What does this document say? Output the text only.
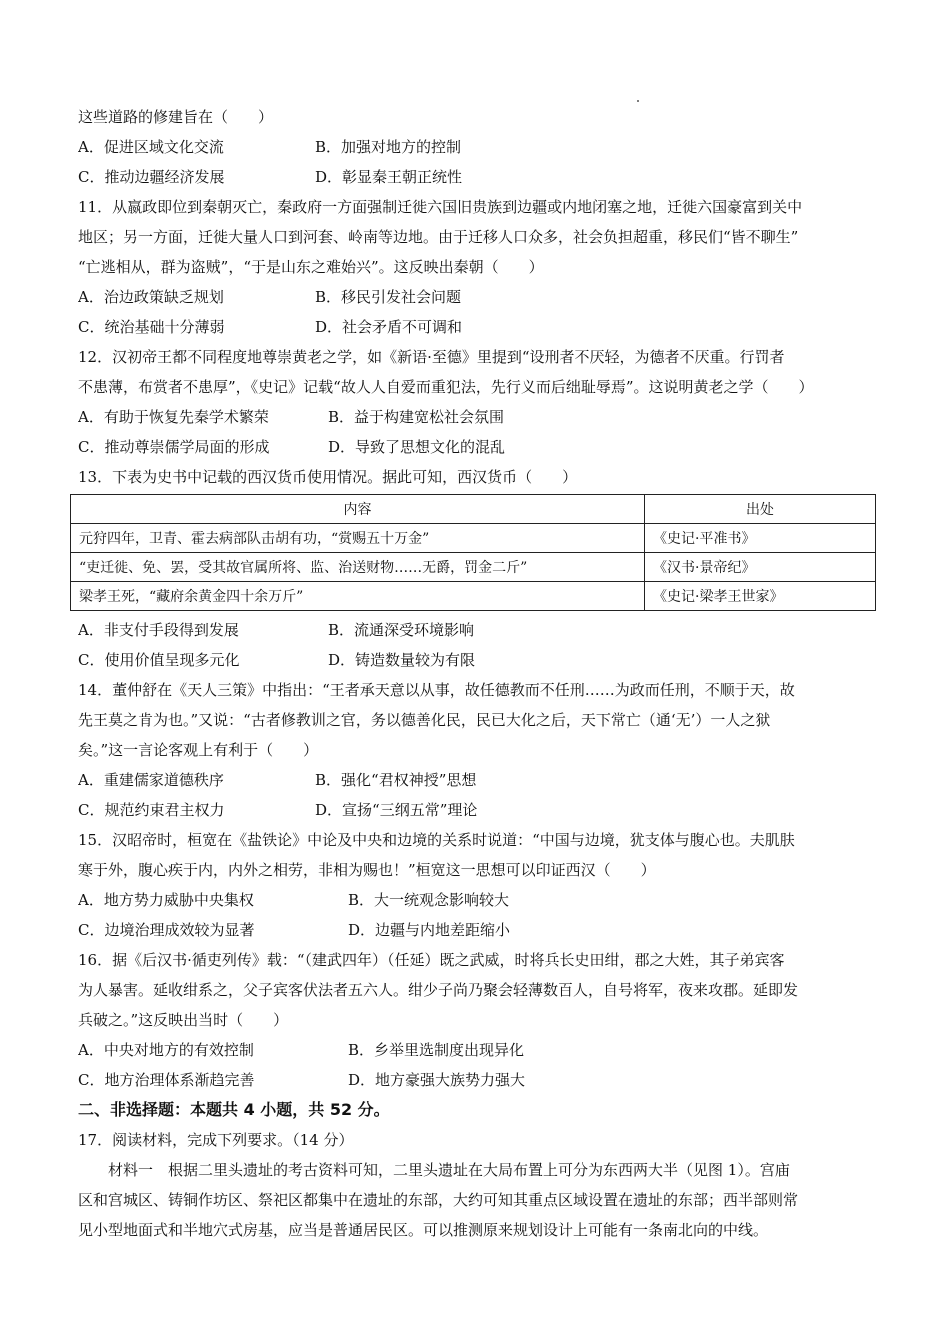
这些道路的修建旨在（　　）
A．促进区域文化交流	B．加强对地方的控制
C．推动边疆经济发展	D．彰显秦王朝正统性
11．从嬴政即位到秦朝灭亡，秦政府一方面强制迁徙六国旧贵族到边疆或内地闭塞之地，迁徙六国豪富到关中
地区；另一方面，迁徙大量人口到河套、岭南等边地。由于迁移人口众多，社会负担超重，移民们“皆不聊生”
“亡逃相从，群为盗贼”，“于是山东之难始兴”。这反映出秦朝（　　）
A．治边政策缺乏规划	B．移民引发社会问题
C．统治基础十分薄弱	D．社会矛盾不可调和
12．汉初帝王都不同程度地尊崇黄老之学，如《新语·至德》里提到“设刑者不厌轻，为德者不厌重。行罚者
不患薄，布赏者不患厚”，《史记》记载“故人人自爱而重犯法，先行义而后绌耻辱焉”。这说明黄老之学（　　）
A．有助于恢复先秦学术繁荣	B．益于构建宽松社会氛围
C．推动尊崇儒学局面的形成	D．导致了思想文化的混乱
13．下表为史书中记载的西汉货币使用情况。据此可知，西汉货币（　　）
内容	出处
元狩四年，卫青、霍去病部队击胡有功，“赏赐五十万金”	《史记·平准书》
“吏迁徙、免、罢，受其故官属所将、监、治送财物……无爵，罚金二斤”	《汉书·景帝纪》
梁孝王死，“藏府余黄金四十余万斤”	《史记·梁孝王世家》
A．非支付手段得到发展	B．流通深受环境影响
C．使用价值呈现多元化	D．铸造数量较为有限
14．董仲舒在《天人三策》中指出：“王者承天意以从事，故任德教而不任刑……为政而任刑，不顺于天，故
先王莫之肯为也。”又说：“古者修教训之官，务以德善化民，民已大化之后，天下常亡（通‘无’）一人之狱
矣。”这一言论客观上有利于（　　）
A．重建儒家道德秩序	B．强化“君权神授”思想
C．规范约束君主权力	D．宣扬“三纲五常”理论
15．汉昭帝时，桓宽在《盐铁论》中论及中央和边境的关系时说道：“中国与边境，犹支体与腹心也。夫肌肤
寒于外，腹心疾于内，内外之相劳，非相为赐也！”桓宽这一思想可以印证西汉（　　）
A．地方势力威胁中央集权	B．大一统观念影响较大
C．边境治理成效较为显著	D．边疆与内地差距缩小
16．据《后汉书·循吏列传》载：“（建武四年）（任延）既之武威，时将兵长史田绀，郡之大姓，其子弟宾客
为人暴害。延收绀系之，父子宾客伏法者五六人。绀少子尚乃聚会轻薄数百人，自号将军，夜来攻郡。延即发
兵破之。”这反映出当时（　　）
A．中央对地方的有效控制	B．乡举里选制度出现异化
C．地方治理体系渐趋完善	D．地方豪强大族势力强大
二、非选择题：本题共 4 小题，共 52 分。
17．阅读材料，完成下列要求。（14 分）
材料一　根据二里头遗址的考古资料可知，二里头遗址在大局布置上可分为东西两大半（见图 1）。宫庙
区和宫城区、铸铜作坊区、祭祀区都集中在遗址的东部，大约可知其重点区域设置在遗址的东部；西半部则常
见小型地面式和半地穴式房基，应当是普通居民区。可以推测原来规划设计上可能有一条南北向的中线。
